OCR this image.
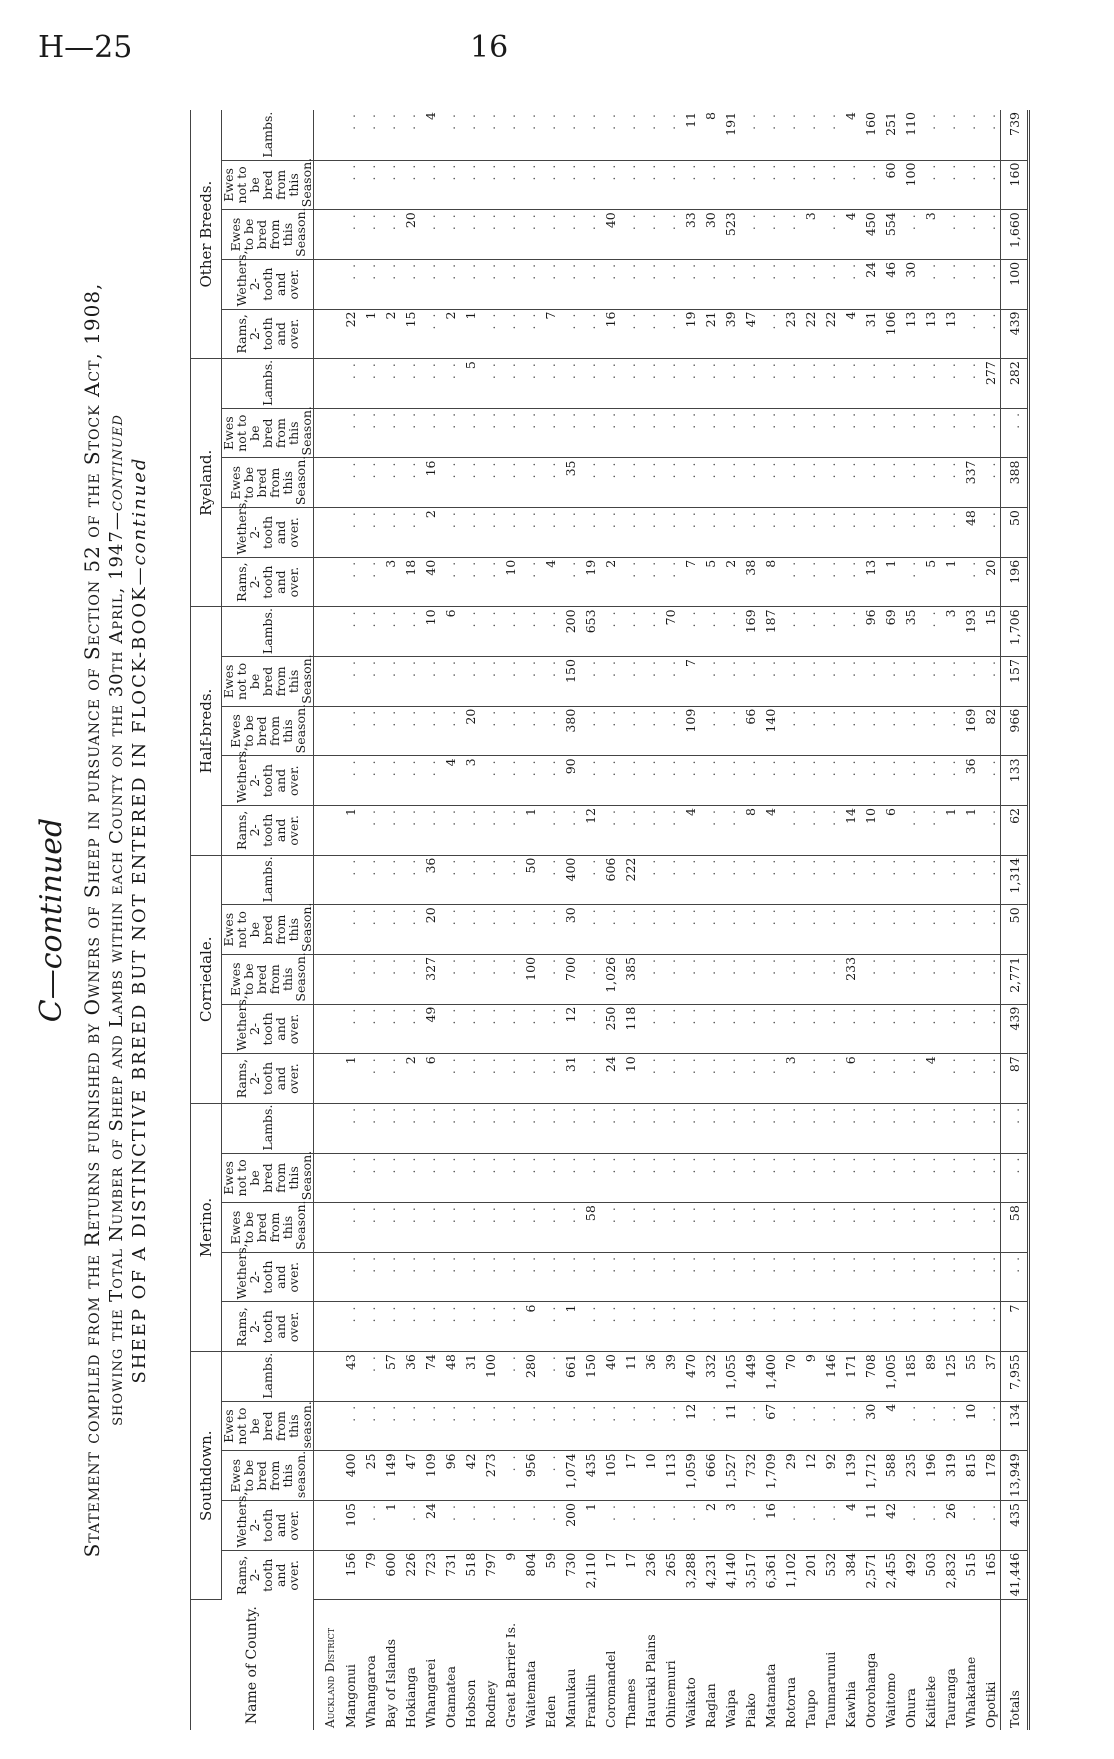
H—25	16
C—continued Statement compiled from the Returns furnished by Owners of Sheep in pursuance of Section 52 of the Stock Act, 1908, showing the Total Number of Sheep and Lambs within each County on the 30th April, 1947—continued
SHEEP OF A DISTINCTIVE BREED BUT NOT ENTERED IN FLOCK-BOOK—continued
Name of County.	Southdown.					Merino.					Corriedale.					Half-breds.					Ryeland.					Other Breeds.				
	Rams, 2-tooth and over.	Wethers, 2-tooth and over.	Ewes to be bred from this season.	Ewes not to be bred from this season.	Lambs.	Rams, 2-tooth and over.	Wethers, 2-tooth and over.	Ewes to be bred from this Season.	Ewes not to be bred from this Season.	Lambs.	Rams, 2-tooth and over.	Wethers, 2-tooth and over.	Ewes to be bred from this Season.	Ewes not to be bred from this Season.	Lambs.	Rams, 2-tooth and over.	Wethers, 2-tooth and over.	Ewes to be bred from this Season.	Ewes not to be bred from this Season.	Lambs.	Rams, 2-tooth and over.	Wethers, 2-tooth and over.	Ewes to be bred from this Season.	Ewes not to be bred from this Season.	Lambs.	Rams, 2-tooth and over.	Wethers, 2-tooth and over.	Ewes to be bred from this Season.	Ewes not to be bred from this Season.	Lambs.
Auckland District																														
Mangonui	156	105	400	. .	43	. .	. .	. .	. .	. .	1	. .	. .	. .	. .	1	. .	. .	. .	. .	. .	. .	. .	. .	. .	22	. .	. .	. .	. .
Whangaroa	79	. .	25	. .	. .	. .	. .	. .	. .	. .	. .	. .	. .	. .	. .	. .	. .	. .	. .	. .	. .	. .	. .	. .	. .	1	. .	. .	. .	. .
Bay of Islands	600	1	149	. .	57	. .	. .	. .	. .	. .	. .	. .	. .	. .	. .	. .	. .	. .	. .	. .	3	. .	. .	. .	. .	2	. .	. .	. .	. .
Hokianga	226	. .	47	. .	36	. .	. .	. .	. .	. .	2	. .	. .	. .	. .	. .	. .	. .	. .	. .	18	. .	. .	. .	. .	15	. .	20	. .	. .
Whangarei	723	24	109	. .	74	. .	. .	. .	. .	. .	6	49	327	20	36	. .	. .	. .	. .	10	40	2	16	. .	. .	. .	. .	. .	. .	4
Otamatea	731	. .	96	. .	48	. .	. .	. .	. .	. .	. .	. .	. .	. .	. .	. .	4	. .	. .	6	. .	. .	. .	. .	. .	2	. .	. .	. .	. .
Hobson	518	. .	42	. .	31	. .	. .	. .	. .	. .	. .	. .	. .	. .	. .	. .	3	20	. .	. .	. .	. .	. .	. .	5	1	. .	. .	. .	. .
Rodney	797	. .	273	. .	100	. .	. .	. .	. .	. .	. .	. .	. .	. .	. .	. .	. .	. .	. .	. .	. .	. .	. .	. .	. .	. .	. .	. .	. .	. .
Great Barrier Is.	9	. .	. .	. .	. .	. .	. .	. .	. .	. .	. .	. .	. .	. .	. .	. .	. .	. .	. .	. .	10	. .	. .	. .	. .	. .	. .	. .	. .	. .
Waitemata	804	. .	956	. .	280	6	. .	. .	. .	. .	. .	. .	100	. .	50	1	. .	. .	. .	. .	. .	. .	. .	. .	. .	. .	. .	. .	. .	. .
Eden	59	. .	. .	. .	. .	. .	. .	. .	. .	. .	. .	. .	. .	. .	. .	. .	. .	. .	. .	. .	4	. .	. .	. .	. .	7	. .	. .	. .	. .
Manukau	730	200	1,074	. .	661	1	. .	. .	. .	. .	31	12	700	30	400	. .	90	380	150	200	. .	. .	35	. .	. .	. .	. .	. .	. .	. .
Franklin	2,110	1	435	. .	150	. .	. .	58	. .	. .	. .	. .	. .	. .	. .	12	. .	. .	. .	653	19	. .	. .	. .	. .	. .	. .	. .	. .	. .
Coromandel	17	. .	105	. .	40	. .	. .	. .	. .	. .	24	250	1,026	. .	606	. .	. .	. .	. .	. .	2	. .	. .	. .	. .	16	. .	40	. .	. .
Thames	17	. .	17	. .	11	. .	. .	. .	. .	. .	10	118	385	. .	222	. .	. .	. .	. .	. .	. .	. .	. .	. .	. .	. .	. .	. .	. .	. .
Hauraki Plains	236	. .	10	. .	36	. .	. .	. .	. .	. .	. .	. .	. .	. .	. .	. .	. .	. .	. .	. .	. .	. .	. .	. .	. .	. .	. .	. .	. .	. .
Ohinemuri	265	. .	113	. .	39	. .	. .	. .	. .	. .	. .	. .	. .	. .	. .	. .	. .	. .	. .	70	. .	. .	. .	. .	. .	. .	. .	. .	. .	. .
Waikato	3,288	. .	1,059	12	470	. .	. .	. .	. .	. .	. .	. .	. .	. .	. .	4	. .	109	7	. .	7	. .	. .	. .	. .	19	. .	33	. .	11
Raglan	4,231	2	666	. .	332	. .	. .	. .	. .	. .	. .	. .	. .	. .	. .	. .	. .	. .	. .	. .	5	. .	. .	. .	. .	21	. .	30	. .	8
Waipa	4,140	3	1,527	11	1,055	. .	. .	. .	. .	. .	. .	. .	. .	. .	. .	. .	. .	. .	. .	. .	2	. .	. .	. .	. .	39	. .	523	. .	191
Piako	3,517	. .	732	. .	449	. .	. .	. .	. .	. .	. .	. .	. .	. .	. .	8	. .	66	. .	169	38	. .	. .	. .	. .	47	. .	. .	. .	. .
Matamata	6,361	16	1,709	67	1,400	. .	. .	. .	. .	. .	. .	. .	. .	. .	. .	4	. .	140	. .	187	8	. .	. .	. .	. .	. .	. .	. .	. .	. .
Rotorua	1,102	. .	29	. .	70	. .	. .	. .	. .	. .	3	. .	. .	. .	. .	. .	. .	. .	. .	. .	. .	. .	. .	. .	. .	23	. .	. .	. .	. .
Taupo	201	. .	12	. .	9	. .	. .	. .	. .	. .	. .	. .	. .	. .	. .	. .	. .	. .	. .	. .	. .	. .	. .	. .	. .	22	. .	3	. .	. .
Taumarunui	532	. .	92	. .	146	. .	. .	. .	. .	. .	. .	. .	. .	. .	. .	. .	. .	. .	. .	. .	. .	. .	. .	. .	. .	22	. .	. .	. .	. .
Kawhia	384	4	139	. .	171	. .	. .	. .	. .	. .	6	. .	233	. .	. .	14	. .	. .	. .	. .	. .	. .	. .	. .	. .	4	. .	4	. .	4
Otorohanga	2,571	11	1,712	30	708	. .	. .	. .	. .	. .	. .	. .	. .	. .	. .	10	. .	. .	. .	96	13	. .	. .	. .	. .	31	24	450	. .	160
Waitomo	2,455	42	588	4	1,005	. .	. .	. .	. .	. .	. .	. .	. .	. .	. .	6	. .	. .	. .	69	1	. .	. .	. .	. .	106	46	554	60	251
Ohura	492	. .	235	. .	185	. .	. .	. .	. .	. .	. .	. .	. .	. .	. .	. .	. .	. .	. .	35	. .	. .	. .	. .	. .	13	30	. .	100	110
Kaitieke	503	. .	196	. .	89	. .	. .	. .	. .	. .	4	. .	. .	. .	. .	. .	. .	. .	. .	. .	5	. .	. .	. .	. .	13	. .	3	. .	. .
Tauranga	2,832	26	319	. .	125	. .	. .	. .	. .	. .	. .	. .	. .	. .	. .	1	. .	. .	. .	3	1	. .	. .	. .	. .	13	. .	. .	. .	. .
Whakatane	515	. .	815	10	55	. .	. .	. .	. .	. .	. .	. .	. .	. .	. .	1	36	169	. .	193	. .	48	337	. .	. .	. .	. .	. .	. .	. .
Opotiki	165	. .	178	. .	37	. .	. .	. .	. .	. .	. .	. .	. .	. .	. .	. .	. .	82	. .	15	20	. .	. .	. .	277	. .	. .	. .	. .	. .
Totals	41,446	435	13,949	134	7,955	7	. .	58	. .	. .	87	439	2,771	50	1,314	62	133	966	157	1,706	196	50	388	. .	282	439	100	1,660	160	739
